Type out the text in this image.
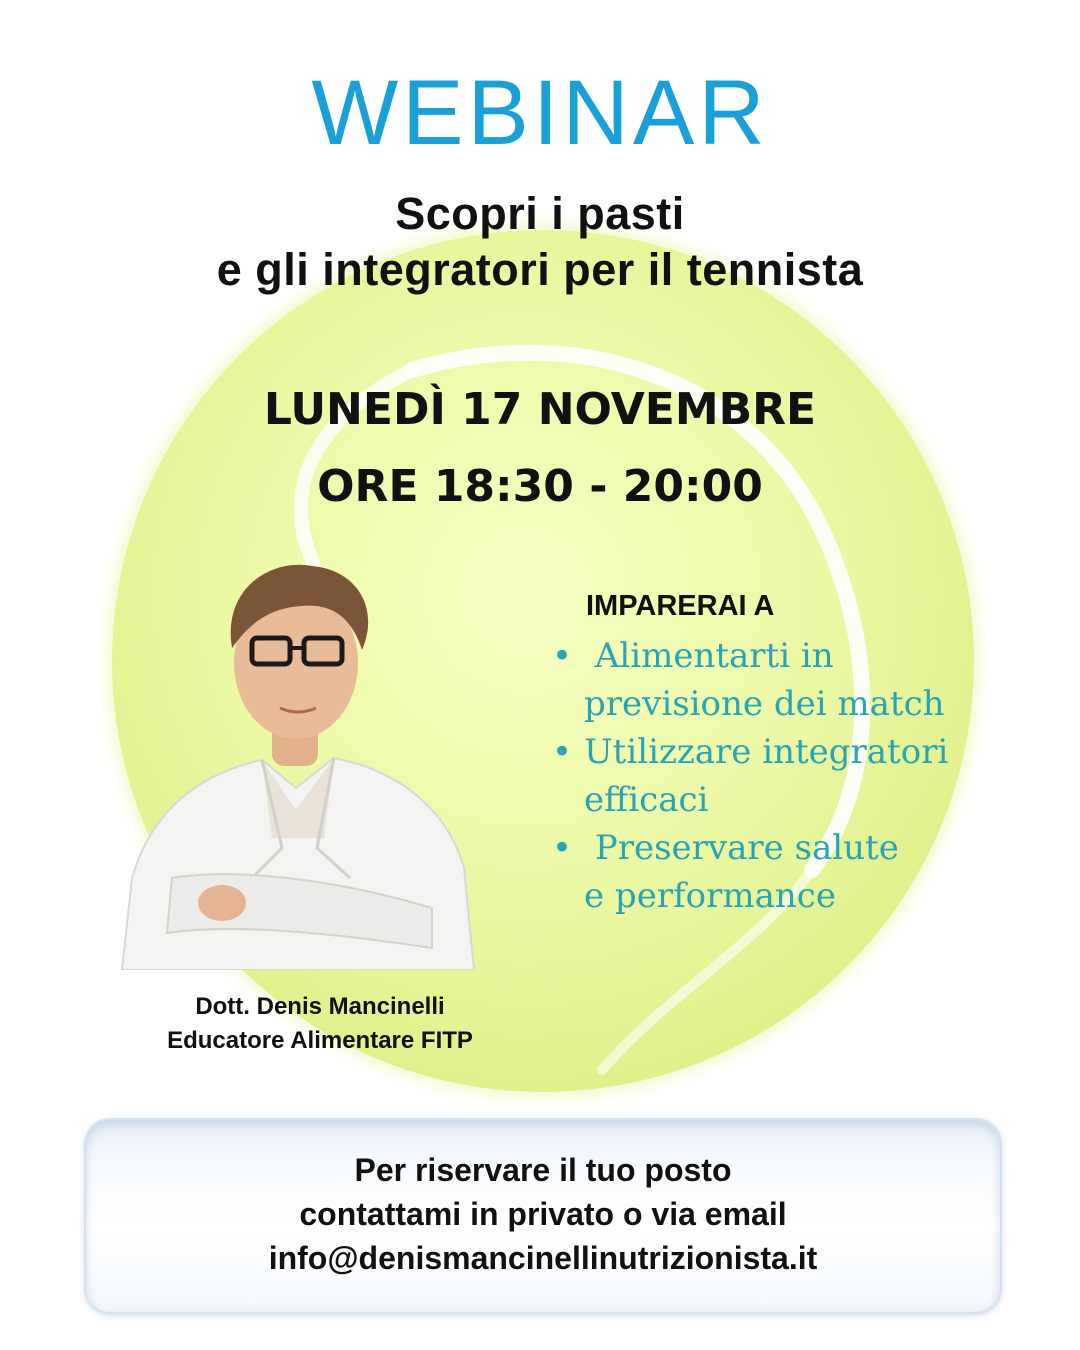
WEBINAR
Scopri i pasti
e gli integratori per il tennista
LUNEDÌ 17 NOVEMBRE
ORE 18:30 - 20:00
Dott. Denis Mancinelli
Educatore Alimentare FITP
IMPARERAI A
• Alimentarti in
previsione dei match
• Utilizzare integratori
efficaci
• Preservare salute
e performance
Per riservare il tuo posto
contattami in privato o via email
info@denismancinellinutrizionista.it
